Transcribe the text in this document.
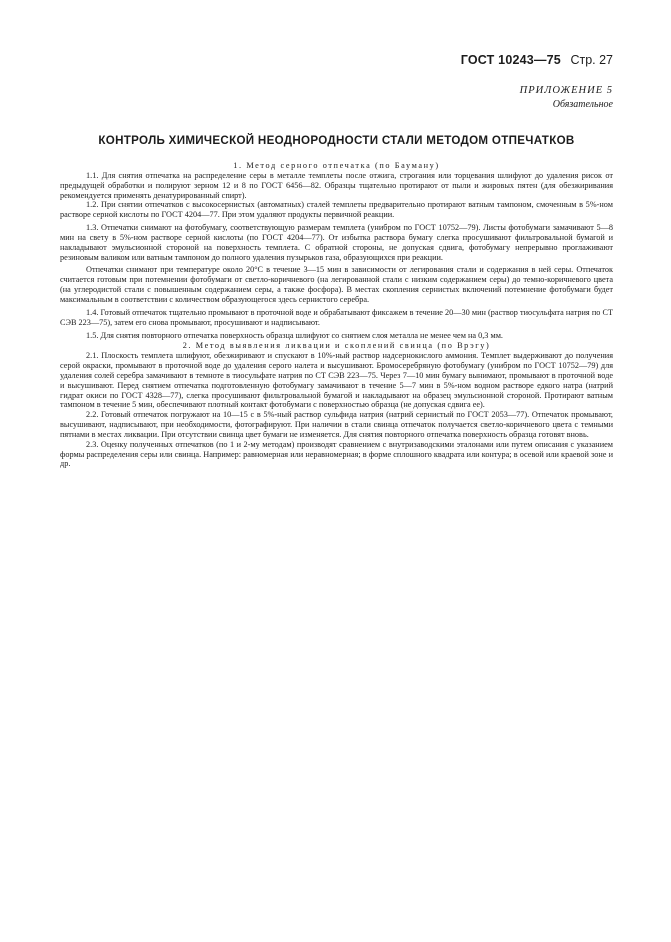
ГОСТ 10243—75 Стр. 27
ПРИЛОЖЕНИЕ 5
Обязательное
КОНТРОЛЬ ХИМИЧЕСКОЙ НЕОДНОРОДНОСТИ СТАЛИ МЕТОДОМ ОТПЕЧАТКОВ

1. Метод серного отпечатка (по Бауману)

1.1. Для снятия отпечатка на распределение серы в металле темплеты после отжига, строгания или торцевания шлифуют до удаления рисок от предыдущей обработки и полируют зерном 12 и 8 по ГОСТ 6456—82. Образцы тщательно протирают от пыли и жировых пятен (для обезжиривания рекомендуется применять денатурированный спирт).

1.2. При снятии отпечатков с высокосернистых (автоматных) сталей темплеты предварительно протирают ватным тампоном, смоченным в 5%-ном растворе серной кислоты по ГОСТ 4204—77. При этом удаляют продукты первичной реакции.

1.3. Отпечатки снимают на фотобумагу, соответствующую размерам темплета (унибром по ГОСТ 10752—79). Листы фотобумаги замачивают 5—8 мин на свету в 5%-ном растворе серной кислоты (по ГОСТ 4204—77). От избытка раствора бумагу слегка просушивают фильтровальной бумагой и накладывают эмульсионной стороной на поверхность темплета. С обратной стороны, не допуская сдвига, фотобумагу непрерывно проглаживают резиновым валиком или ватным тампоном до полного удаления пузырьков газа, образующихся при реакции.

Отпечатки снимают при температуре около 20°С в течение 3—15 мин в зависимости от легирования стали и содержания в ней серы. Отпечаток считается готовым при потемнении фотобумаги от светло-коричневого (на легированной стали с низким содержанием серы) до темно-коричневого цвета (на углеродистой стали с повышенным содержанием серы, а также фосфора). В местах скопления сернистых включений потемнение фотобумаги будет максимальным в соответствии с количеством образующегося здесь сернистого серебра.

1.4. Готовый отпечаток тщательно промывают в проточной воде и обрабатывают фиксажем в течение 20—30 мин (раствор тиосульфата натрия по СТ СЭВ 223—75), затем его снова промывают, просушивают и надписывают.

1.5. Для снятия повторного отпечатка поверхность образца шлифуют со снятием слоя металла не менее чем на 0,3 мм.

2. Метод выявления ликвации и скоплений свинца (по Врэгу)

2.1. Плоскость темплета шлифуют, обезжиривают и спускают в 10%-ный раствор надсернокислого аммония. Темплет выдерживают до получения серой окраски, промывают в проточной воде до удаления серого налета и высушивают. Бромосеребряную фотобумагу (унибром по ГОСТ 10752—79) для удаления солей серебра замачивают в темноте в тиосульфате натрия по СТ СЭВ 223—75. Через 7—10 мин бумагу вынимают, промывают в проточной воде и высушивают. Перед снятием отпечатка подготовленную фотобумагу замачивают в течение 5—7 мин в 5%-ном водном растворе едкого натра (натрий гидрат окиси по ГОСТ 4328—77), слегка просушивают фильтровальной бумагой и накладывают на образец эмульсионной стороной. Протирают ватным тампоном в течение 5 мин, обеспечивают плотный контакт фотобумаги с поверхностью образца (не допуская сдвига ее).

2.2. Готовый отпечаток погружают на 10—15 с в 5%-ный раствор сульфида натрия (натрий сернистый по ГОСТ 2053—77). Отпечаток промывают, высушивают, надписывают, при необходимости, фотографируют. При наличии в стали свинца отпечаток получается светло-коричневого цвета с темными пятнами в местах ликвации. При отсутствии свинца цвет бумаги не изменяется. Для снятия повторного отпечатка поверхность образца готовят вновь.

2.3. Оценку полученных отпечатков (по 1 и 2-му методам) производят сравнением с внутризаводскими эталонами или путем описания с указанием формы распределения серы или свинца. Например: равномерная или неравномерная; в форме сплошного квадрата или контура; в осевой или краевой зоне и др.
